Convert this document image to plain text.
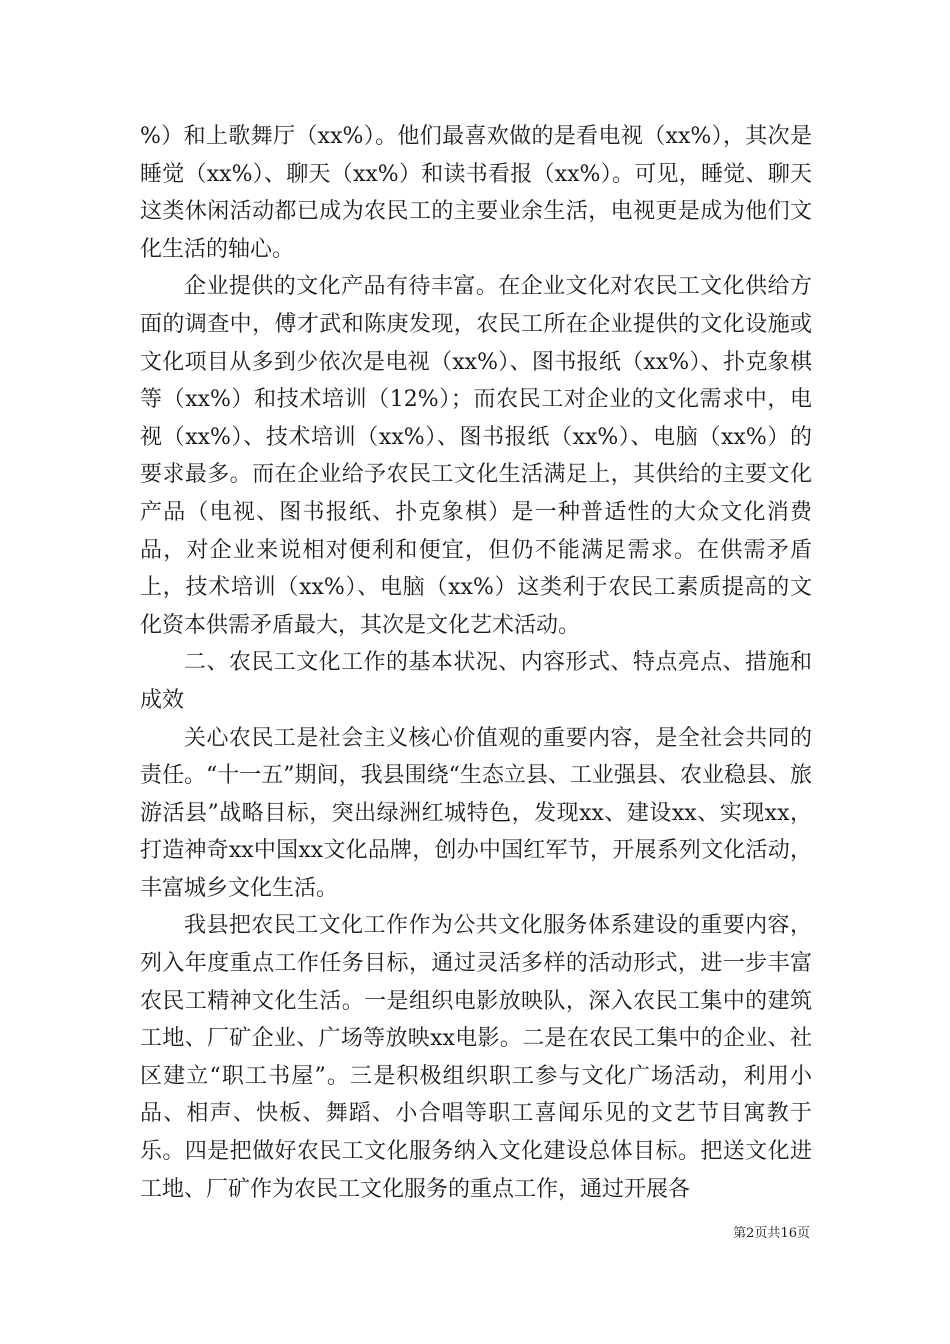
%）和上歌舞厅（xx%）。他们最喜欢做的是看电视（xx%），其次是睡觉（xx%）、聊天（xx%）和读书看报（xx%）。可见，睡觉、聊天这类休闲活动都已成为农民工的主要业余生活，电视更是成为他们文化生活的轴心。

企业提供的文化产品有待丰富。在企业文化对农民工文化供给方面的调查中，傅才武和陈庚发现，农民工所在企业提供的文化设施或文化项目从多到少依次是电视（xx%）、图书报纸（xx%）、扑克象棋等（xx%）和技术培训（12%）；而农民工对企业的文化需求中，电视（xx%）、技术培训（xx%）、图书报纸（xx%）、电脑（xx%）的要求最多。而在企业给予农民工文化生活满足上，其供给的主要文化产品（电视、图书报纸、扑克象棋）是一种普适性的大众文化消费品，对企业来说相对便利和便宜，但仍不能满足需求。在供需矛盾上，技术培训（xx%）、电脑（xx%）这类利于农民工素质提高的文化资本供需矛盾最大，其次是文化艺术活动。

二、农民工文化工作的基本状况、内容形式、特点亮点、措施和成效

关心农民工是社会主义核心价值观的重要内容，是全社会共同的责任。“十一五”期间，我县围绕“生态立县、工业强县、农业稳县、旅游活县”战略目标，突出绿洲红城特色，发现xx、建设xx、实现xx，打造神奇xx中国xx文化品牌，创办中国红军节，开展系列文化活动，丰富城乡文化生活。

我县把农民工文化工作作为公共文化服务体系建设的重要内容，列入年度重点工作任务目标，通过灵活多样的活动形式，进一步丰富农民工精神文化生活。一是组织电影放映队，深入农民工集中的建筑工地、厂矿企业、广场等放映xx电影。二是在农民工集中的企业、社区建立“职工书屋”。三是积极组织职工参与文化广场活动，利用小品、相声、快板、舞蹈、小合唱等职工喜闻乐见的文艺节目寓教于乐。四是把做好农民工文化服务纳入文化建设总体目标。把送文化进工地、厂矿作为农民工文化服务的重点工作，通过开展各

第2页共16页
